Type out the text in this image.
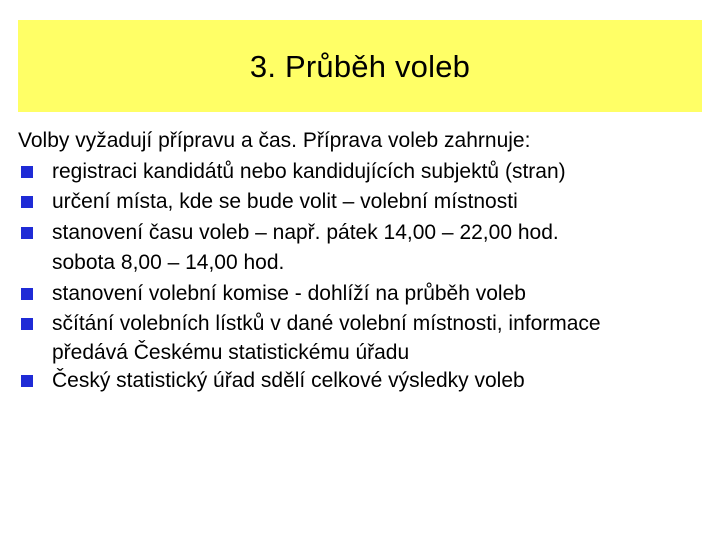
3. Průběh voleb
Volby vyžadují přípravu a čas. Příprava voleb zahrnuje:
registraci kandidátů nebo kandidujících subjektů (stran)
určení místa, kde se bude volit – volební místnosti
stanovení času voleb – např. pátek 14,00 – 22,00 hod.
sobota 8,00 – 14,00 hod.
stanovení volební komise - dohlíží na průběh voleb
sčítání volebních lístků v dané volební místnosti, informace
předává Českému statistickému úřadu
Český statistický úřad sdělí celkové výsledky voleb
